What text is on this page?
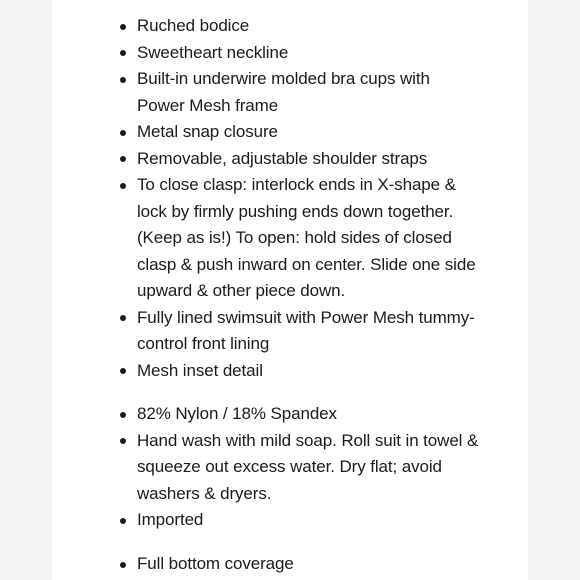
Ruched bodice
Sweetheart neckline
Built-in underwire molded bra cups with
Power Mesh frame
Metal snap closure
Removable, adjustable shoulder straps
To close clasp: interlock ends in X-shape &
lock by firmly pushing ends down together.
(Keep as is!) To open: hold sides of closed
clasp & push inward on center. Slide one side
upward & other piece down.
Fully lined swimsuit with Power Mesh tummy-
control front lining
Mesh inset detail
82% Nylon / 18% Spandex
Hand wash with mild soap. Roll suit in towel &
squeeze out excess water. Dry flat; avoid
washers & dryers.
Imported
Full bottom coverage
